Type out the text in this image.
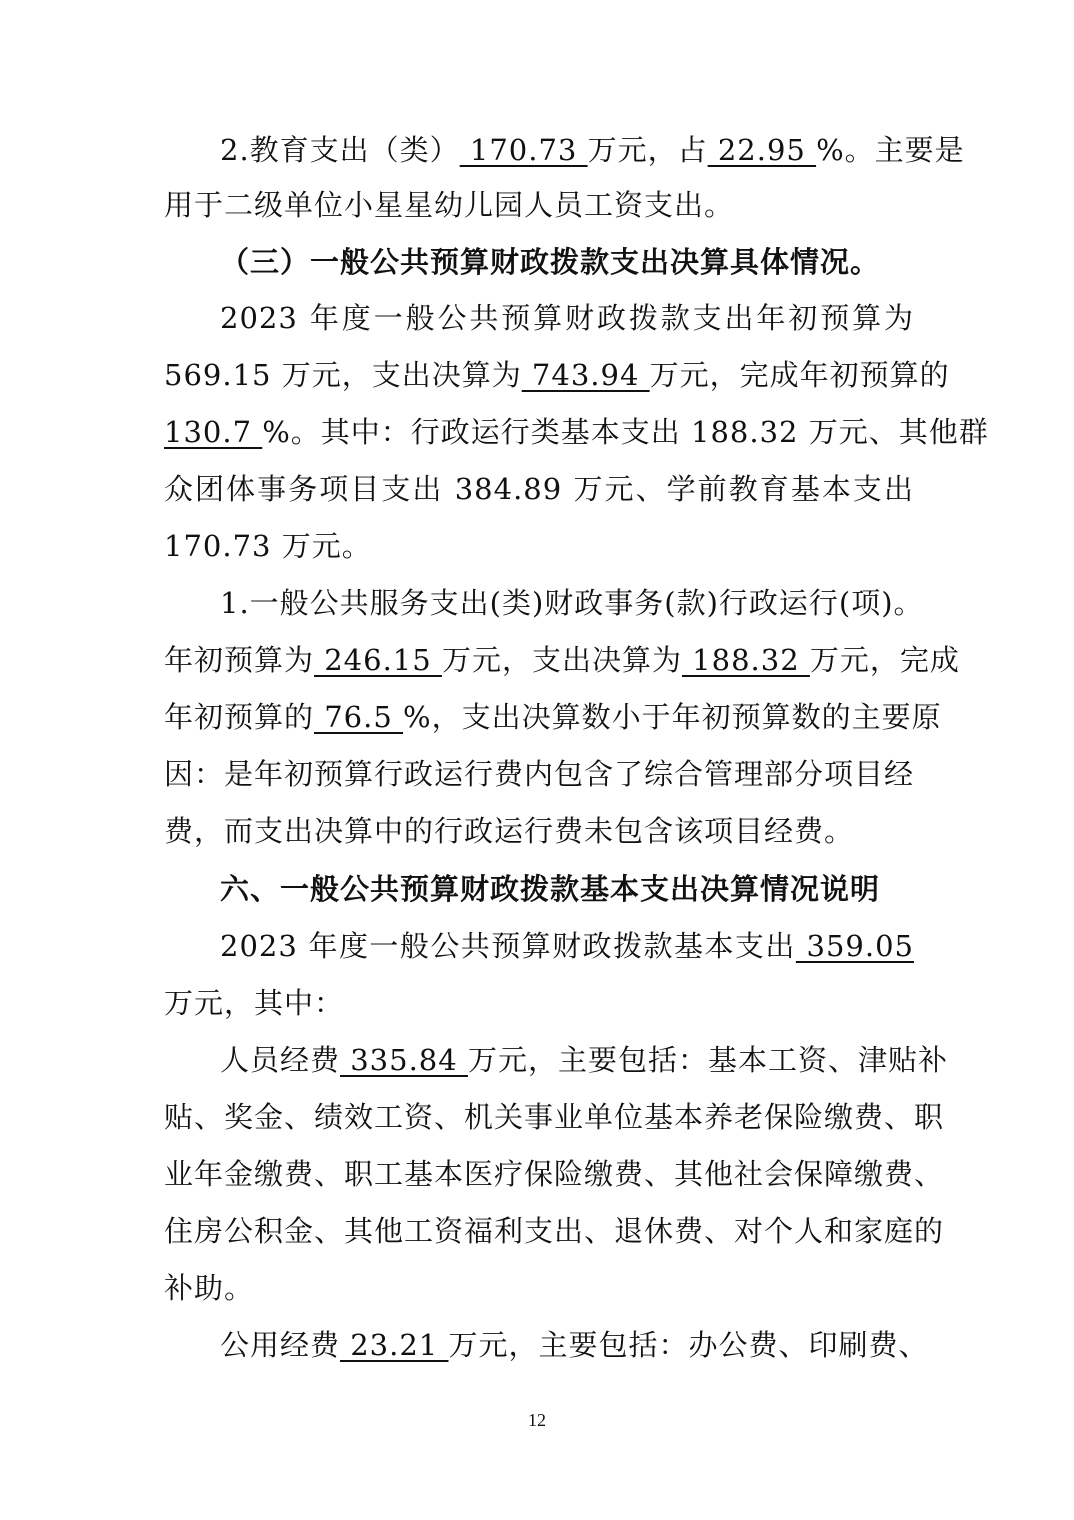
2.教育支出（类） 170.73 万元，占 22.95 %。主要是
用于二级单位小星星幼儿园人员工资支出。
（三）一般公共预算财政拨款支出决算具体情况。
2023 年度一般公共预算财政拨款支出年初预算为
569.15 万元，支出决算为 743.94 万元，完成年初预算的
130.7 %。其中：行政运行类基本支出 188.32 万元、其他群
众团体事务项目支出 384.89 万元、学前教育基本支出
170.73 万元。
1.一般公共服务支出(类)财政事务(款)行政运行(项)。
年初预算为 246.15 万元，支出决算为 188.32 万元，完成
年初预算的 76.5 %，支出决算数小于年初预算数的主要原
因：是年初预算行政运行费内包含了综合管理部分项目经
费，而支出决算中的行政运行费未包含该项目经费。
六、一般公共预算财政拨款基本支出决算情况说明
2023 年度一般公共预算财政拨款基本支出 359.05
万元，其中：
人员经费 335.84 万元，主要包括：基本工资、津贴补
贴、奖金、绩效工资、机关事业单位基本养老保险缴费、职
业年金缴费、职工基本医疗保险缴费、其他社会保障缴费、
住房公积金、其他工资福利支出、退休费、对个人和家庭的
补助。
公用经费 23.21 万元，主要包括：办公费、印刷费、
12
